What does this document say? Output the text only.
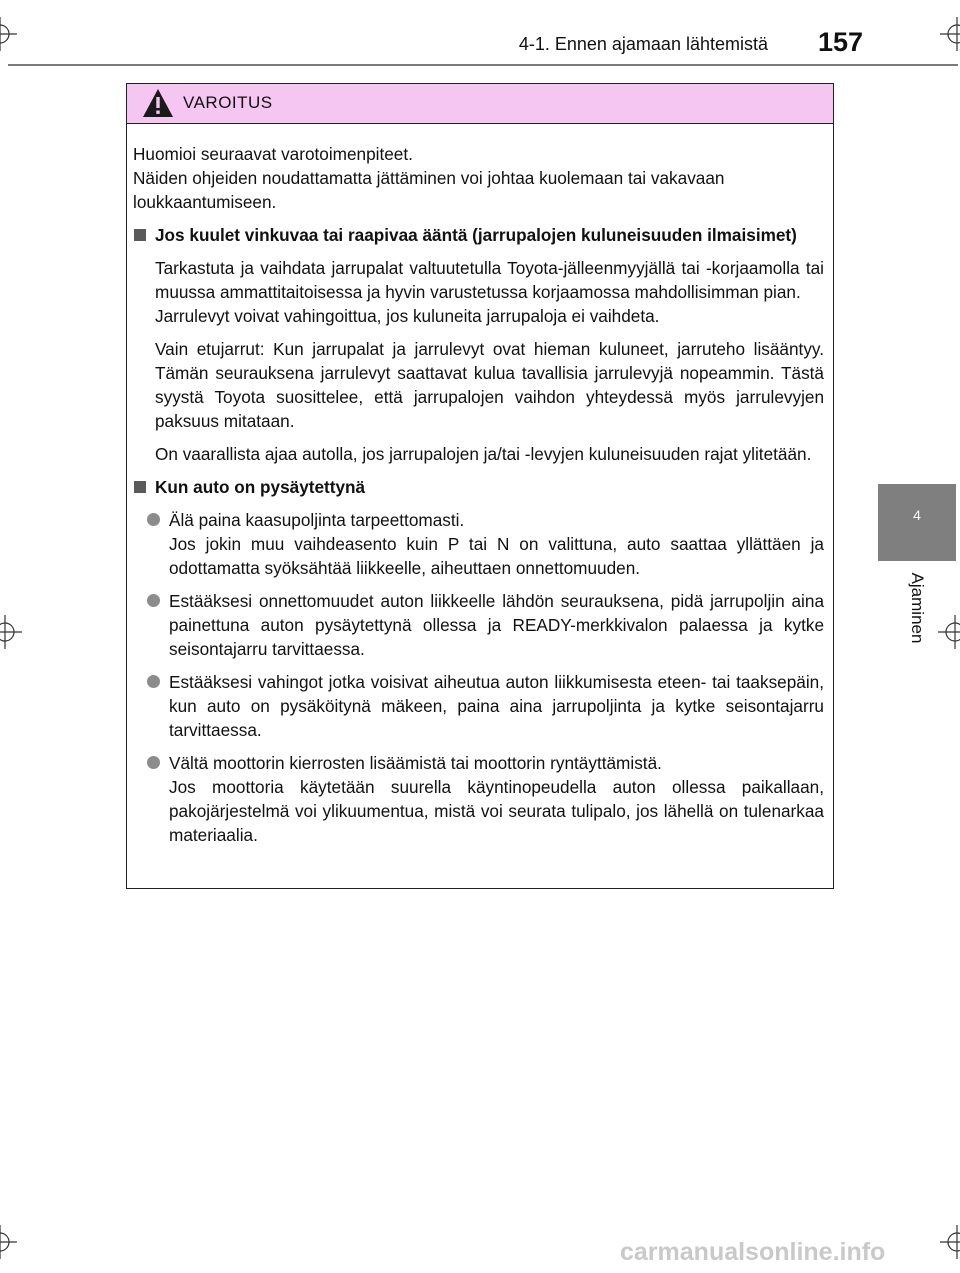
4-1. Ennen ajamaan lähtemistä 157
4
Ajaminen
VAROITUS

Huomioi seuraavat varotoimenpiteet.
Näiden ohjeiden noudattamatta jättäminen voi johtaa kuolemaan tai vakavaan loukkaantumiseen.

Jos kuulet vinkuvaa tai raapivaa ääntä (jarrupalojen kuluneisuuden ilmaisimet)

Tarkastuta ja vaihdata jarrupalat valtuutetulla Toyota-jälleenmyyjällä tai -korjaamolla tai muussa ammattitaitoisessa ja hyvin varustetussa korjaamossa mahdollisimman pian.
Jarrulevyt voivat vahingoittua, jos kuluneita jarrupaloja ei vaihdeta.

Vain etujarrut: Kun jarrupalat ja jarrulevyt ovat hieman kuluneet, jarruteho lisääntyy. Tämän seurauksena jarrulevyt saattavat kulua tavallisia jarrulevyjä nopeammin. Tästä syystä Toyota suosittelee, että jarrupalojen vaihdon yhteydessä myös jarrulevyjen paksuus mitataan.

On vaarallista ajaa autolla, jos jarrupalojen ja/tai -levyjen kuluneisuuden rajat ylitetään.

Kun auto on pysäytettynä

Älä paina kaasupoljinta tarpeettomasti.
Jos jokin muu vaihdeasento kuin P tai N on valittuna, auto saattaa yllättäen ja odottamatta syöksähtää liikkeelle, aiheuttaen onnettomuuden.

Estääksesi onnettomuudet auton liikkeelle lähdön seurauksena, pidä jarrupoljin aina painettuna auton pysäytettynä ollessa ja READY-merkkivalon palaessa ja kytke seisontajarru tarvittaessa.

Estääksesi vahingot jotka voisivat aiheutua auton liikkumisesta eteen- tai taaksepäin, kun auto on pysäköitynä mäkeen, paina aina jarrupoljinta ja kytke seisontajarru tarvittaessa.

Vältä moottorin kierrosten lisäämistä tai moottorin ryntäyttämistä.
Jos moottoria käytetään suurella käyntinopeudella auton ollessa paikallaan, pakojärjestelmä voi ylikuumentua, mistä voi seurata tulipalo, jos lähellä on tulenarkaa materiaalia.

carmanualsonline.info
